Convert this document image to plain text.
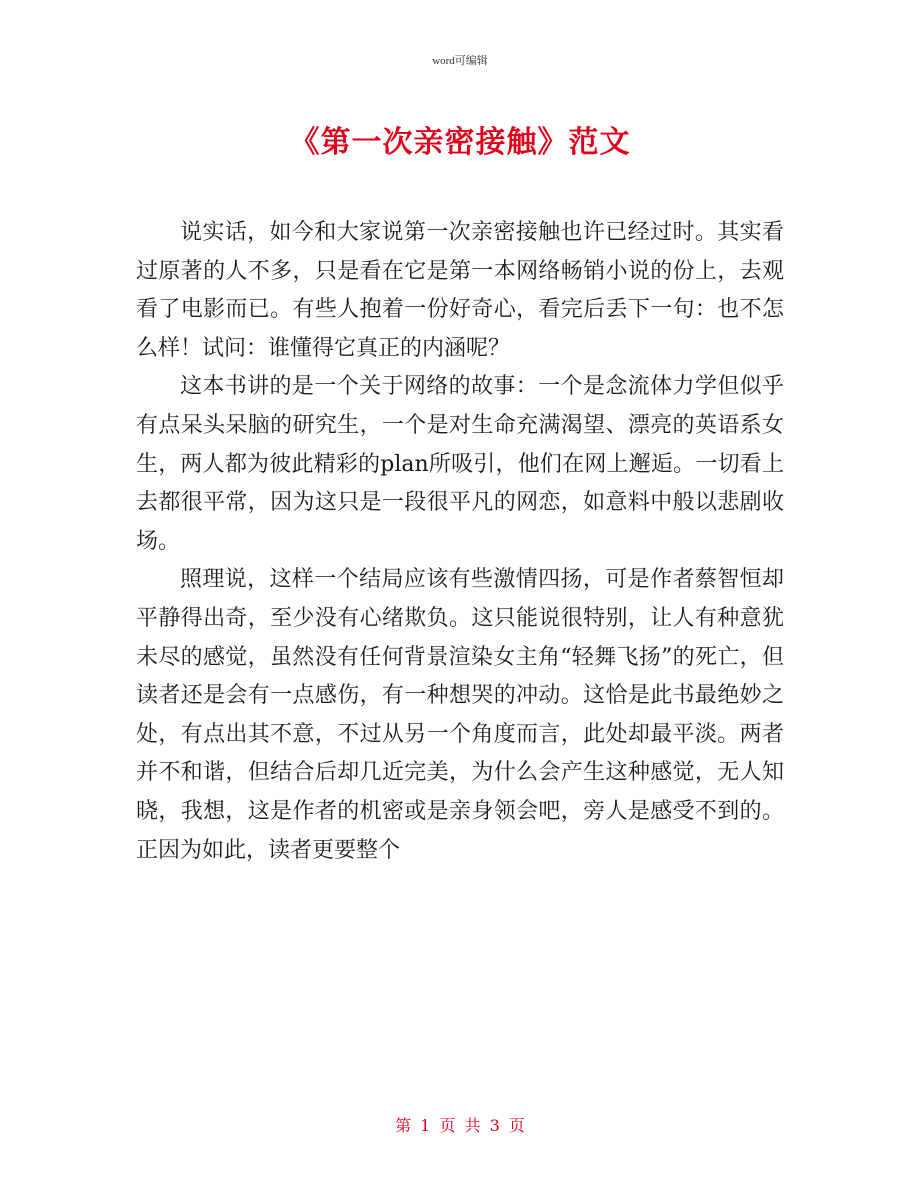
word可编辑
《第一次亲密接触》范文

说实话，如今和大家说第一次亲密接触也许已经过时。其实看过原著的人不多，只是看在它是第一本网络畅销小说的份上，去观看了电影而已。有些人抱着一份好奇心，看完后丢下一句：也不怎么样！试问：谁懂得它真正的内涵呢？

这本书讲的是一个关于网络的故事：一个是念流体力学但似乎有点呆头呆脑的研究生，一个是对生命充满渴望、漂亮的英语系女生，两人都为彼此精彩的plan所吸引，他们在网上邂逅。一切看上去都很平常，因为这只是一段很平凡的网恋，如意料中般以悲剧收场。

照理说，这样一个结局应该有些激情四扬，可是作者蔡智恒却平静得出奇，至少没有心绪欺负。这只能说很特别，让人有种意犹未尽的感觉，虽然没有任何背景渲染女主角“轻舞飞扬”的死亡，但读者还是会有一点感伤，有一种想哭的冲动。这恰是此书最绝妙之处，有点出其不意，不过从另一个角度而言，此处却最平淡。两者并不和谐，但结合后却几近完美，为什么会产生这种感觉，无人知晓，我想，这是作者的机密或是亲身领会吧，旁人是感受不到的。正因为如此，读者更要整个

第 1 页 共 3 页
